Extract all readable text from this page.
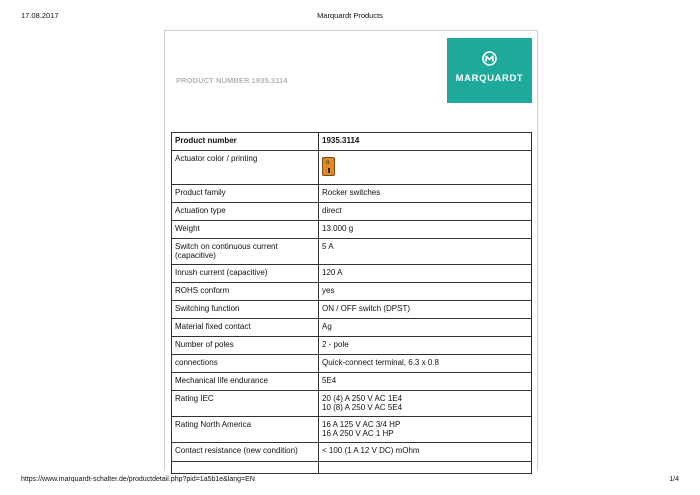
17.08.2017	Marquardt Products
PRODUCT NUMBER 1935.3114	MARQUARDT
Product number	1935.3114
Actuator color / printing	o

Product family	Rocker switches
Actuation type	direct
Weight	13.000 g
Switch on continuous current (capacitive)	5 A
Inrush current (capacitive)	120 A
ROHS conform	yes
Switching function	ON / OFF switch (DPST)
Material fixed contact	Ag
Number of poles	2 - pole
connections	Quick-connect terminal, 6.3 x 0.8
Mechanical life endurance	5E4
Rating IEC	20 (4) A 250 V AC 1E4
10 (8) A 250 V AC 5E4

Rating North America	16 A 125 V AC 3/4 HP
16 A 250 V AC 1 HP

Contact resistance (new condition)	< 100 (1 A 12 V DC) mOhm

https://www.marquardt-schalter.de/productdetail.php?pid=1a5b1e&lang=EN	1/4
